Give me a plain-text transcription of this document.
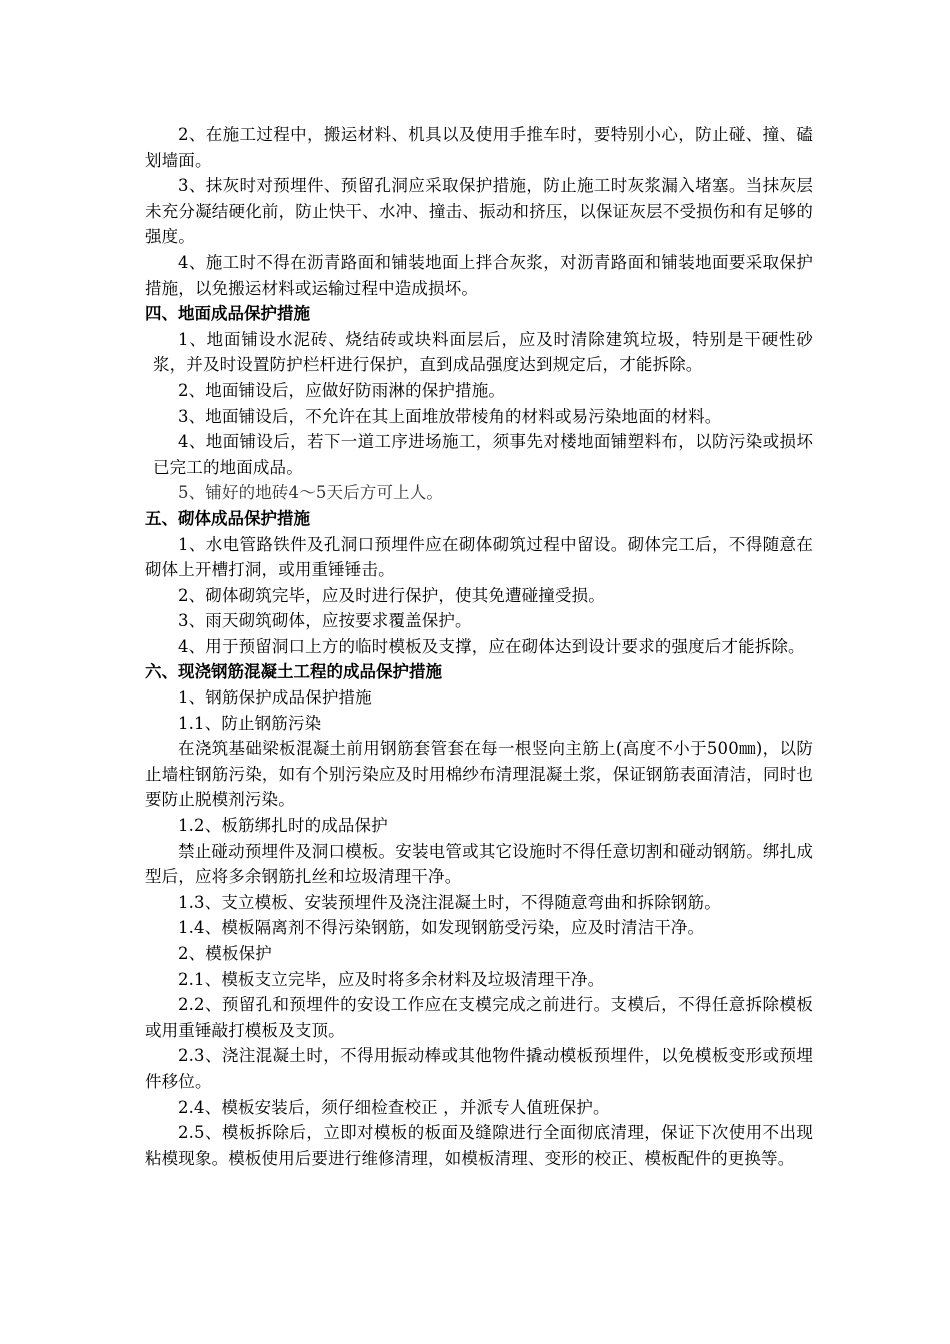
2、在施工过程中，搬运材料、机具以及使用手推车时，要特别小心，防止碰、撞、磕划墙面。

3、抹灰时对预埋件、预留孔洞应采取保护措施，防止施工时灰浆漏入堵塞。当抹灰层未充分凝结硬化前，防止快干、水冲、撞击、振动和挤压，以保证灰层不受损伤和有足够的强度。

4、施工时不得在沥青路面和铺装地面上拌合灰浆，对沥青路面和铺装地面要采取保护措施，以免搬运材料或运输过程中造成损坏。

四、地面成品保护措施

1、地面铺设水泥砖、烧结砖或块料面层后，应及时清除建筑垃圾，特别是干硬性砂浆，并及时设置防护栏杆进行保护，直到成品强度达到规定后，才能拆除。

2、地面铺设后，应做好防雨淋的保护措施。

3、地面铺设后，不允许在其上面堆放带棱角的材料或易污染地面的材料。

4、地面铺设后，若下一道工序进场施工，须事先对楼地面铺塑料布，以防污染或损坏已完工的地面成品。

5、铺好的地砖4～5天后方可上人。

五、砌体成品保护措施

1、水电管路铁件及孔洞口预埋件应在砌体砌筑过程中留设。砌体完工后，不得随意在砌体上开槽打洞，或用重锤锤击。

2、砌体砌筑完毕，应及时进行保护，使其免遭碰撞受损。

3、雨天砌筑砌体，应按要求覆盖保护。

4、用于预留洞口上方的临时模板及支撑，应在砌体达到设计要求的强度后才能拆除。

六、现浇钢筋混凝土工程的成品保护措施

1、钢筋保护成品保护措施

1.1、防止钢筋污染

在浇筑基础梁板混凝土前用钢筋套管套在每一根竖向主筋上(高度不小于500㎜)，以防止墙柱钢筋污染，如有个别污染应及时用棉纱布清理混凝土浆，保证钢筋表面清洁，同时也要防止脱模剂污染。

1.2、板筋绑扎时的成品保护

禁止碰动预埋件及洞口模板。安装电管或其它设施时不得任意切割和碰动钢筋。绑扎成型后，应将多余钢筋扎丝和垃圾清理干净。

1.3、支立模板、安装预埋件及浇注混凝土时，不得随意弯曲和拆除钢筋。

1.4、模板隔离剂不得污染钢筋，如发现钢筋受污染，应及时清洁干净。

2、模板保护

2.1、模板支立完毕，应及时将多余材料及垃圾清理干净。

2.2、预留孔和预埋件的安设工作应在支模完成之前进行。支模后，不得任意拆除模板或用重锤敲打模板及支顶。

2.3、浇注混凝土时，不得用振动棒或其他物件撬动模板预埋件，以免模板变形或预埋件移位。

2.4、模板安装后，须仔细检查校正 ，并派专人值班保护。

2.5、模板拆除后，立即对模板的板面及缝隙进行全面彻底清理，保证下次使用不出现粘模现象。模板使用后要进行维修清理，如模板清理、变形的校正、模板配件的更换等。
